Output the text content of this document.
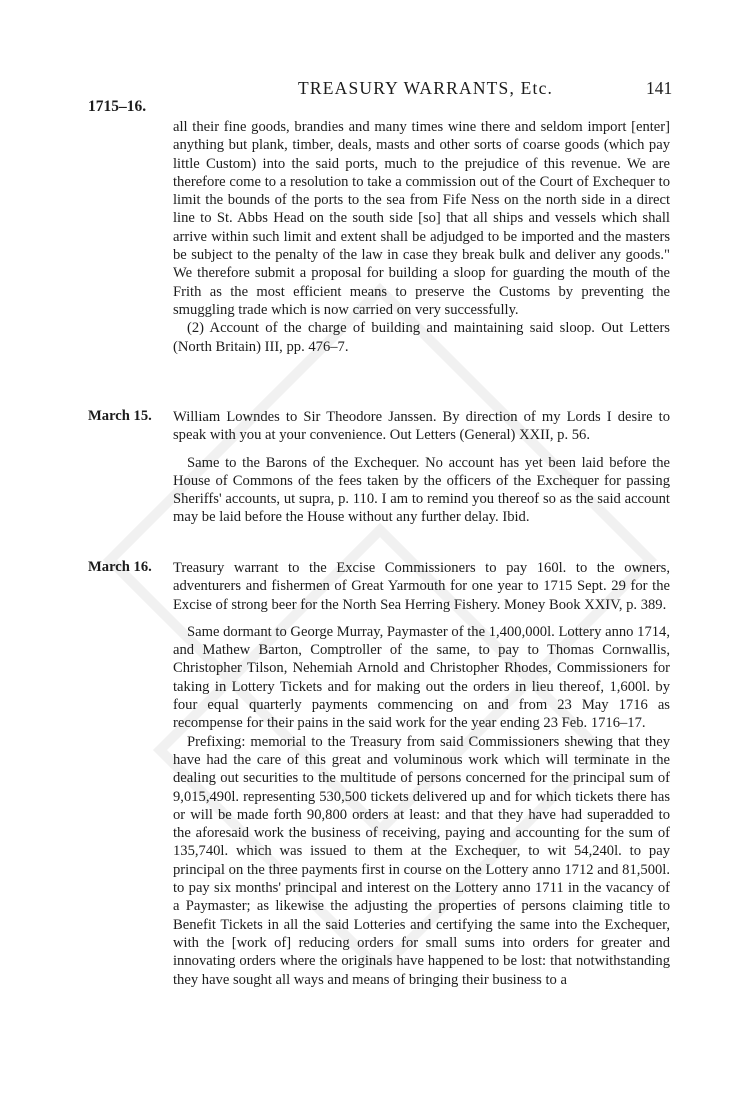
TREASURY WARRANTS, Etc.	141
1715–16.

all their fine goods, brandies and many times wine there and seldom import [enter] anything but plank, timber, deals, masts and other sorts of coarse goods (which pay little Custom) into the said ports, much to the prejudice of this revenue. We are therefore come to a resolution to take a commission out of the Court of Exchequer to limit the bounds of the ports to the sea from Fife Ness on the north side in a direct line to St. Abbs Head on the south side [so] that all ships and vessels which shall arrive within such limit and extent shall be adjudged to be imported and the masters be subject to the penalty of the law in case they break bulk and deliver any goods." We therefore submit a proposal for building a sloop for guarding the mouth of the Frith as the most efficient means to preserve the Customs by preventing the smuggling trade which is now carried on very successfully.

(2) Account of the charge of building and maintaining said sloop. Out Letters (North Britain) III, pp. 476–7.

March 15. William Lowndes to Sir Theodore Janssen. By direction of my Lords I desire to speak with you at your convenience. Out Letters (General) XXII, p. 56.

Same to the Barons of the Exchequer. No account has yet been laid before the House of Commons of the fees taken by the officers of the Exchequer for passing Sheriffs' accounts, ut supra, p. 110. I am to remind you thereof so as the said account may be laid before the House without any further delay. Ibid.

March 16. Treasury warrant to the Excise Commissioners to pay 160l. to the owners, adventurers and fishermen of Great Yarmouth for one year to 1715 Sept. 29 for the Excise of strong beer for the North Sea Herring Fishery. Money Book XXIV, p. 389.

Same dormant to George Murray, Paymaster of the 1,400,000l. Lottery anno 1714, and Mathew Barton, Comptroller of the same, to pay to Thomas Cornwallis, Christopher Tilson, Nehemiah Arnold and Christopher Rhodes, Commissioners for taking in Lottery Tickets and for making out the orders in lieu thereof, 1,600l. by four equal quarterly payments commencing on and from 23 May 1716 as recompense for their pains in the said work for the year ending 23 Feb. 1716–17.

Prefixing: memorial to the Treasury from said Commissioners shewing that they have had the care of this great and voluminous work which will terminate in the dealing out securities to the multitude of persons concerned for the principal sum of 9,015,490l. representing 530,500 tickets delivered up and for which tickets there has or will be made forth 90,800 orders at least: and that they have had superadded to the aforesaid work the business of receiving, paying and accounting for the sum of 135,740l. which was issued to them at the Exchequer, to wit 54,240l. to pay principal on the three payments first in course on the Lottery anno 1712 and 81,500l. to pay six months' principal and interest on the Lottery anno 1711 in the vacancy of a Paymaster; as likewise the adjusting the properties of persons claiming title to Benefit Tickets in all the said Lotteries and certifying the same into the Exchequer, with the [work of] reducing orders for small sums into orders for greater and innovating orders where the originals have happened to be lost: that notwithstanding they have sought all ways and means of bringing their business to a
